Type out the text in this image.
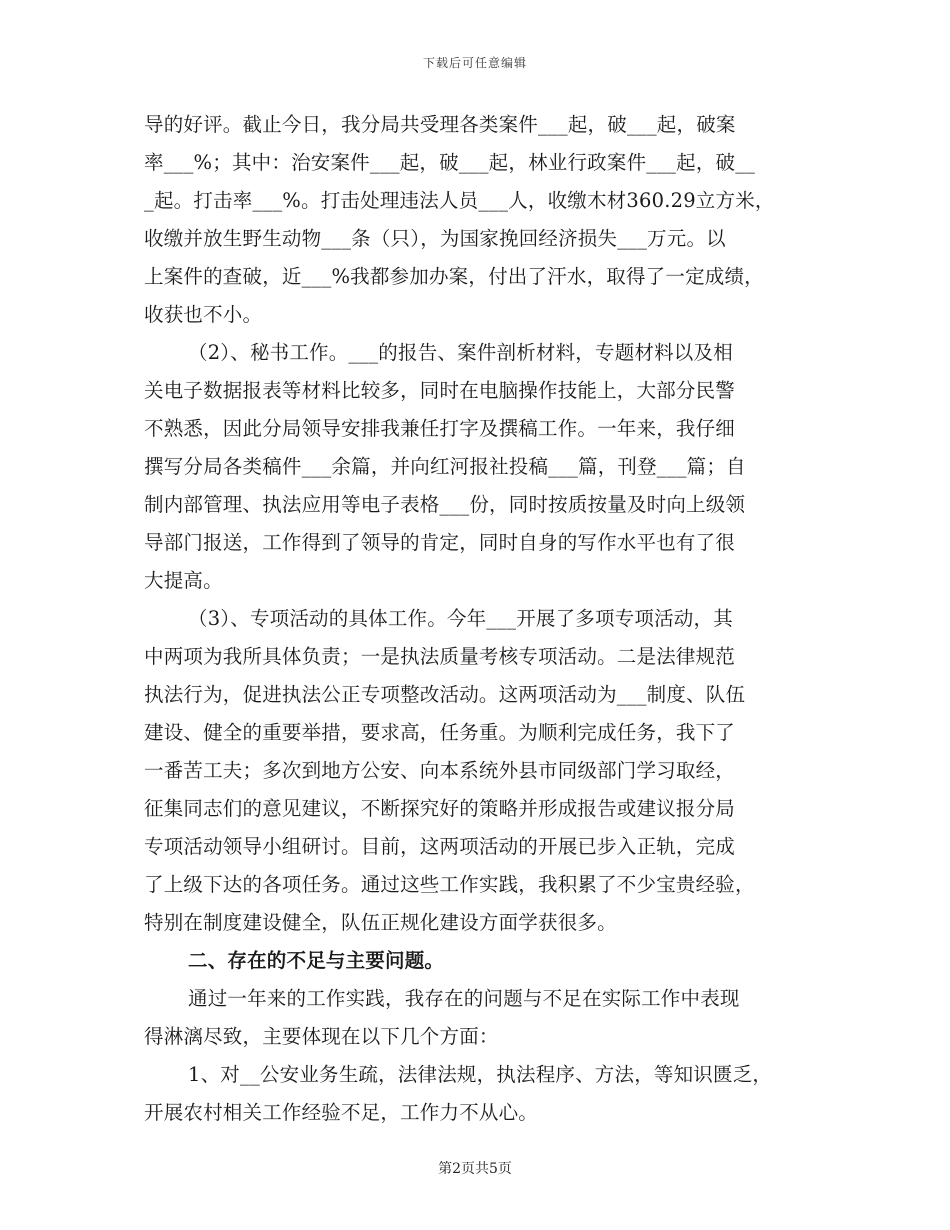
下载后可任意编辑
导的好评。截止今日，我分局共受理各类案件___起，破___起，破案
率___%；其中：治安案件___起，破___起，林业行政案件___起，破__
_起。打击率___%。打击处理违法人员___人，收缴木材360.29立方米，
收缴并放生野生动物___条（只），为国家挽回经济损失___万元。以
上案件的查破，近___%我都参加办案，付出了汗水，取得了一定成绩，
收获也不小。
（2）、秘书工作。___的报告、案件剖析材料，专题材料以及相
关电子数据报表等材料比较多，同时在电脑操作技能上，大部分民警
不熟悉，因此分局领导安排我兼任打字及撰稿工作。一年来，我仔细
撰写分局各类稿件___余篇，并向红河报社投稿___篇，刊登___篇；自
制内部管理、执法应用等电子表格___份，同时按质按量及时向上级领
导部门报送，工作得到了领导的肯定，同时自身的写作水平也有了很
大提高。
（3）、专项活动的具体工作。今年___开展了多项专项活动，其
中两项为我所具体负责；一是执法质量考核专项活动。二是法律规范
执法行为，促进执法公正专项整改活动。这两项活动为___制度、队伍
建设、健全的重要举措，要求高，任务重。为顺利完成任务，我下了
一番苦工夫；多次到地方公安、向本系统外县市同级部门学习取经，
征集同志们的意见建议，不断探究好的策略并形成报告或建议报分局
专项活动领导小组研讨。目前，这两项活动的开展已步入正轨，完成
了上级下达的各项任务。通过这些工作实践，我积累了不少宝贵经验，
特别在制度建设健全，队伍正规化建设方面学获很多。
二、存在的不足与主要问题。
通过一年来的工作实践，我存在的问题与不足在实际工作中表现
得淋漓尽致，主要体现在以下几个方面：
1、对__公安业务生疏，法律法规，执法程序、方法，等知识匮乏，
开展农村相关工作经验不足，工作力不从心。
第2页共5页
